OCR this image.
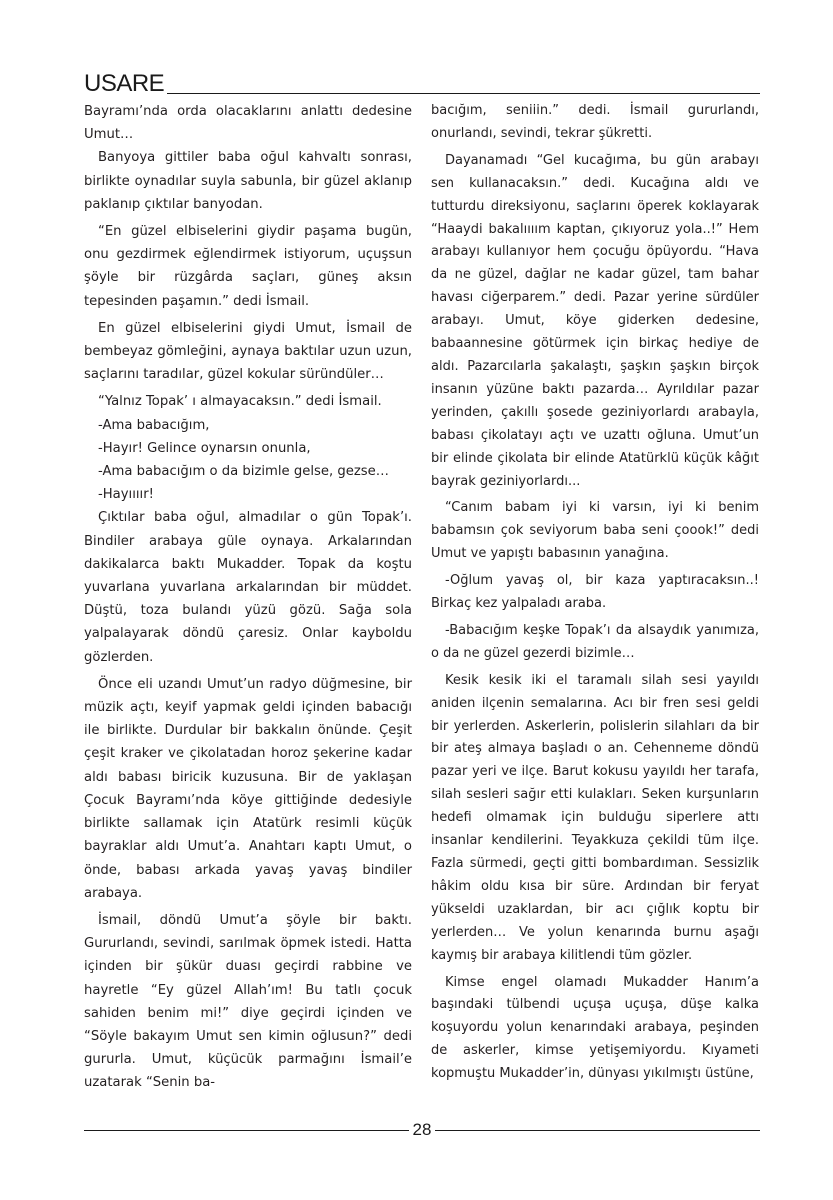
USARE

Bayramı’nda orda olacaklarını anlattı dedesine Umut…

Banyoya gittiler baba oğul kahvaltı sonrası, birlikte oynadılar suyla sabunla, bir güzel aklanıp paklanıp çıktılar banyodan.

“En güzel elbiselerini giydir paşama bugün, onu gezdirmek eğlendirmek istiyorum, uçuşsun şöyle bir rüzgârda saçları, güneş aksın tepesinden paşamın.” dedi İsmail.

En güzel elbiselerini giydi Umut, İsmail de bembeyaz gömleğini, aynaya baktılar uzun uzun, saçlarını taradılar, güzel kokular süründüler…

“Yalnız Topak’ ı almayacaksın.” dedi İsmail.

-Ama babacığım,

-Hayır! Gelince oynarsın onunla,

-Ama babacığım o da bizimle gelse, gezse…

-Hayıııır!

Çıktılar baba oğul, almadılar o gün Topak’ı. Bindiler arabaya güle oynaya. Arkalarından dakikalarca baktı Mukadder. Topak da koştu yuvarlana yuvarlana arkalarından bir müddet. Düştü, toza bulandı yüzü gözü. Sağa sola yalpalayarak döndü çaresiz. Onlar kayboldu gözlerden.

Önce eli uzandı Umut’un radyo düğmesine, bir müzik açtı, keyif yapmak geldi içinden babacığı ile birlikte. Durdular bir bakkalın önünde. Çeşit çeşit kraker ve çikolatadan horoz şekerine kadar aldı babası biricik kuzusuna. Bir de yaklaşan Çocuk Bayramı’nda köye gittiğinde dedesiyle birlikte sallamak için Atatürk resimli küçük bayraklar aldı Umut’a. Anahtarı kaptı Umut, o önde, babası arkada yavaş yavaş bindiler arabaya.

İsmail, döndü Umut’a şöyle bir baktı. Gururlandı, sevindi, sarılmak öpmek istedi. Hatta içinden bir şükür duası geçirdi rabbine ve hayretle “Ey güzel Allah’ım! Bu tatlı çocuk sahiden benim mi!” diye geçirdi içinden ve “Söyle bakayım Umut sen kimin oğlusun?” dedi gururla. Umut, küçücük parmağını İsmail’e uzatarak “Senin ba-

bacığım, seniiin.” dedi. İsmail gururlandı, onurlandı, sevindi, tekrar şükretti.

Dayanamadı “Gel kucağıma, bu gün arabayı sen kullanacaksın.” dedi. Kucağına aldı ve tutturdu direksiyonu, saçlarını öperek koklayarak “Haaydi bakalıııım kaptan, çıkıyoruz yola..!” Hem arabayı kullanıyor hem çocuğu öpüyordu. “Hava da ne güzel, dağlar ne kadar güzel, tam bahar havası ciğerparem.” dedi. Pazar yerine sürdüler arabayı. Umut, köye giderken dedesine, babaannesine götürmek için birkaç hediye de aldı. Pazarcılarla şakalaştı, şaşkın şaşkın birçok insanın yüzüne baktı pazarda… Ayrıldılar pazar yerinden, çakıllı şosede geziniyorlardı arabayla, babası çikolatayı açtı ve uzattı oğluna. Umut’un bir elinde çikolata bir elinde Atatürklü küçük kâğıt bayrak geziniyorlardı...

“Canım babam iyi ki varsın, iyi ki benim babamsın çok seviyorum baba seni çoook!” dedi Umut ve yapıştı babasının yanağına.

-Oğlum yavaş ol, bir kaza yaptıracaksın..! Birkaç kez yalpaladı araba.

-Babacığım keşke Topak’ı da alsaydık yanımıza, o da ne güzel gezerdi bizimle…

Kesik kesik iki el taramalı silah sesi yayıldı aniden ilçenin semalarına. Acı bir fren sesi geldi bir yerlerden. Askerlerin, polislerin silahları da bir bir ateş almaya başladı o an. Cehenneme döndü pazar yeri ve ilçe. Barut kokusu yayıldı her tarafa, silah sesleri sağır etti kulakları. Seken kurşunların hedefi olmamak için bulduğu siperlere attı insanlar kendilerini. Teyakkuza çekildi tüm ilçe. Fazla sürmedi, geçti gitti bombardıman. Sessizlik hâkim oldu kısa bir süre. Ardından bir feryat yükseldi uzaklardan, bir acı çığlık koptu bir yerlerden… Ve yolun kenarında burnu aşağı kaymış bir arabaya kilitlendi tüm gözler.

Kimse engel olamadı Mukadder Hanım’a başındaki tülbendi uçuşa uçuşa, düşe kalka koşuyordu yolun kenarındaki arabaya, peşinden de askerler, kimse yetişemiyordu. Kıyameti kopmuştu Mukadder’in, dünyası yıkılmıştı üstüne,

28
